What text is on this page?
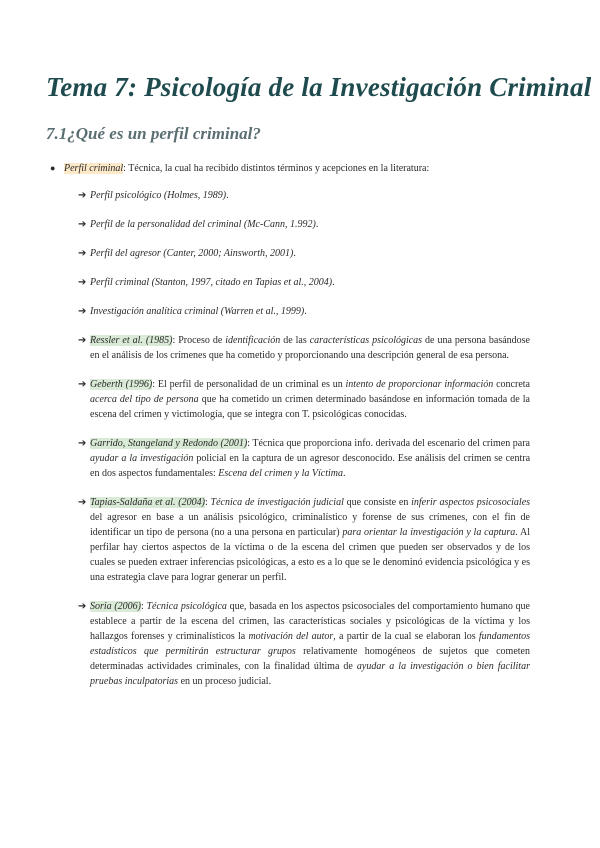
Tema 7: Psicología de la Investigación Criminal
7.1¿Qué es un perfil criminal?
● Perfil criminal: Técnica, la cual ha recibido distintos términos y acepciones en la literatura:
➔ Perfil psicológico (Holmes, 1989).
➔ Perfil de la personalidad del criminal (Mc-Cann, 1.992).
➔ Perfil del agresor (Canter, 2000; Ainsworth, 2001).
➔ Perfil criminal (Stanton, 1997, citado en Tapias et al., 2004).
➔ Investigación analítica criminal (Warren et al., 1999).
➔ Ressler et al. (1985): Proceso de identificación de las características psicológicas de una persona basándose en el análisis de los crímenes que ha cometido y proporcionando una descripción general de esa persona.
➔ Geberth (1996): El perfil de personalidad de un criminal es un intento de proporcionar información concreta acerca del tipo de persona que ha cometido un crimen determinado basándose en información tomada de la escena del crimen y victimología, que se integra con T. psicológicas conocidas.
➔ Garrido, Stangeland y Redondo (2001): Técnica que proporciona info. derivada del escenario del crimen para ayudar a la investigación policial en la captura de un agresor desconocido. Ese análisis del crimen se centra en dos aspectos fundamentales: Escena del crimen y la Víctima.
➔ Tapias-Saldaña et al. (2004): Técnica de investigación judicial que consiste en inferir aspectos psicosociales del agresor en base a un análisis psicológico, criminalístico y forense de sus crímenes, con el fin de identificar un tipo de persona (no a una persona en particular) para orientar la investigación y la captura. Al perfilar hay ciertos aspectos de la víctima o de la escena del crimen que pueden ser observados y de los cuales se pueden extraer inferencias psicológicas, a esto es a lo que se le denominó evidencia psicológica y es una estrategia clave para lograr generar un perfil.
➔ Soria (2006): Técnica psicológica que, basada en los aspectos psicosociales del comportamiento humano que establece a partir de la escena del crimen, las características sociales y psicológicas de la víctima y los hallazgos forenses y criminalísticos la motivación del autor, a partir de la cual se elaboran los fundamentos estadísticos que permitirán estructurar grupos relativamente homogéneos de sujetos que cometen determinadas actividades criminales, con la finalidad última de ayudar a la investigación o bien facilitar pruebas inculpatorias en un proceso judicial.
